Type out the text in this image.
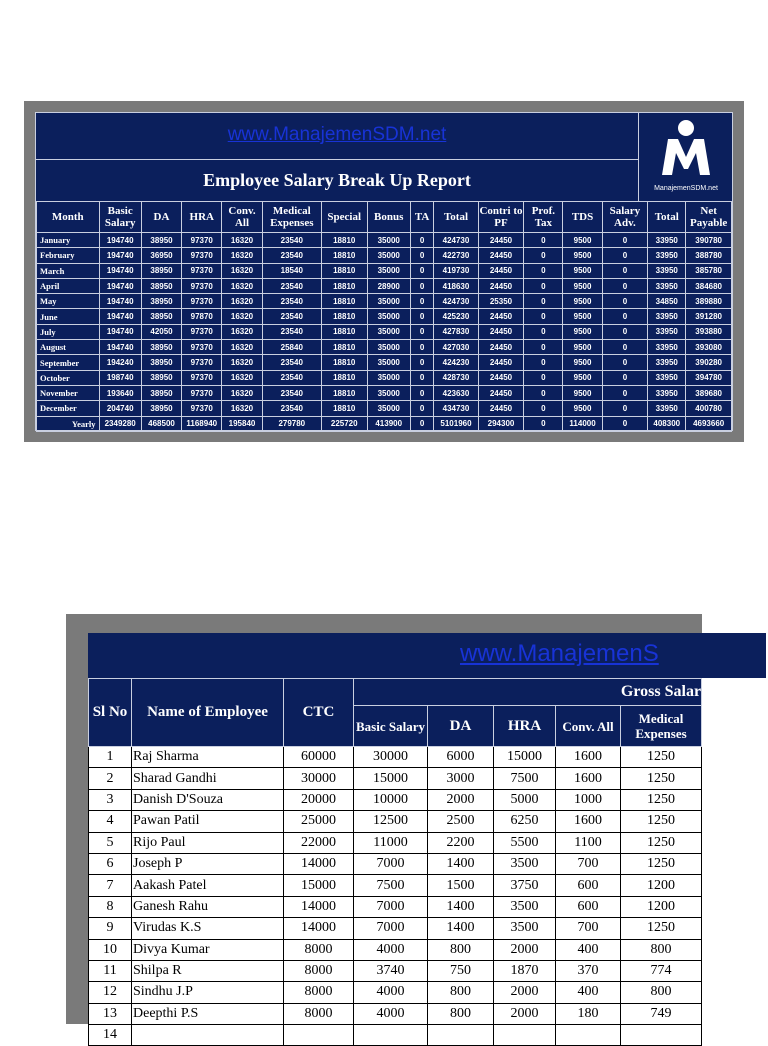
www.ManajemenSDM.net
Employee Salary Break Up Report	ManajemenSDM.net
Month	Basic Salary	DA	HRA	Conv. All	Medical Expenses	Special	Bonus	TA	Total	Contri to PF	Prof. Tax	TDS	Salary Adv.	Total	Net Payable
January	194740	38950	97370	16320	23540	18810	35000	0	424730	24450	0	9500	0	33950	390780
February	194740	36950	97370	16320	23540	18810	35000	0	422730	24450	0	9500	0	33950	388780
March	194740	38950	97370	16320	18540	18810	35000	0	419730	24450	0	9500	0	33950	385780
April	194740	38950	97370	16320	23540	18810	28900	0	418630	24450	0	9500	0	33950	384680
May	194740	38950	97370	16320	23540	18810	35000	0	424730	25350	0	9500	0	34850	389880
June	194740	38950	97870	16320	23540	18810	35000	0	425230	24450	0	9500	0	33950	391280
July	194740	42050	97370	16320	23540	18810	35000	0	427830	24450	0	9500	0	33950	393880
August	194740	38950	97370	16320	25840	18810	35000	0	427030	24450	0	9500	0	33950	393080
September	194240	38950	97370	16320	23540	18810	35000	0	424230	24450	0	9500	0	33950	390280
October	198740	38950	97370	16320	23540	18810	35000	0	428730	24450	0	9500	0	33950	394780
November	193640	38950	97370	16320	23540	18810	35000	0	423630	24450	0	9500	0	33950	389680
December	204740	38950	97370	16320	23540	18810	35000	0	434730	24450	0	9500	0	33950	400780
Yearly	2349280	468500	1168940	195840	279780	225720	413900	0	5101960	294300	0	114000	0	408300	4693660
www.ManajemenS
Sl No	Name of Employee	CTC	Gross Salar				
			Basic Salary	DA	HRA	Conv. All	Medical Expenses
1	Raj Sharma	60000	30000	6000	15000	1600	1250
2	Sharad Gandhi	30000	15000	3000	7500	1600	1250
3	Danish D'Souza	20000	10000	2000	5000	1000	1250
4	Pawan Patil	25000	12500	2500	6250	1600	1250
5	Rijo Paul	22000	11000	2200	5500	1100	1250
6	Joseph P	14000	7000	1400	3500	700	1250
7	Aakash Patel	15000	7500	1500	3750	600	1200
8	Ganesh Rahu	14000	7000	1400	3500	600	1200
9	Virudas K.S	14000	7000	1400	3500	700	1250
10	Divya Kumar	8000	4000	800	2000	400	800
11	Shilpa R	8000	3740	750	1870	370	774
12	Sindhu J.P	8000	4000	800	2000	400	800
13	Deepthi P.S	8000	4000	800	2000	180	749
14							
